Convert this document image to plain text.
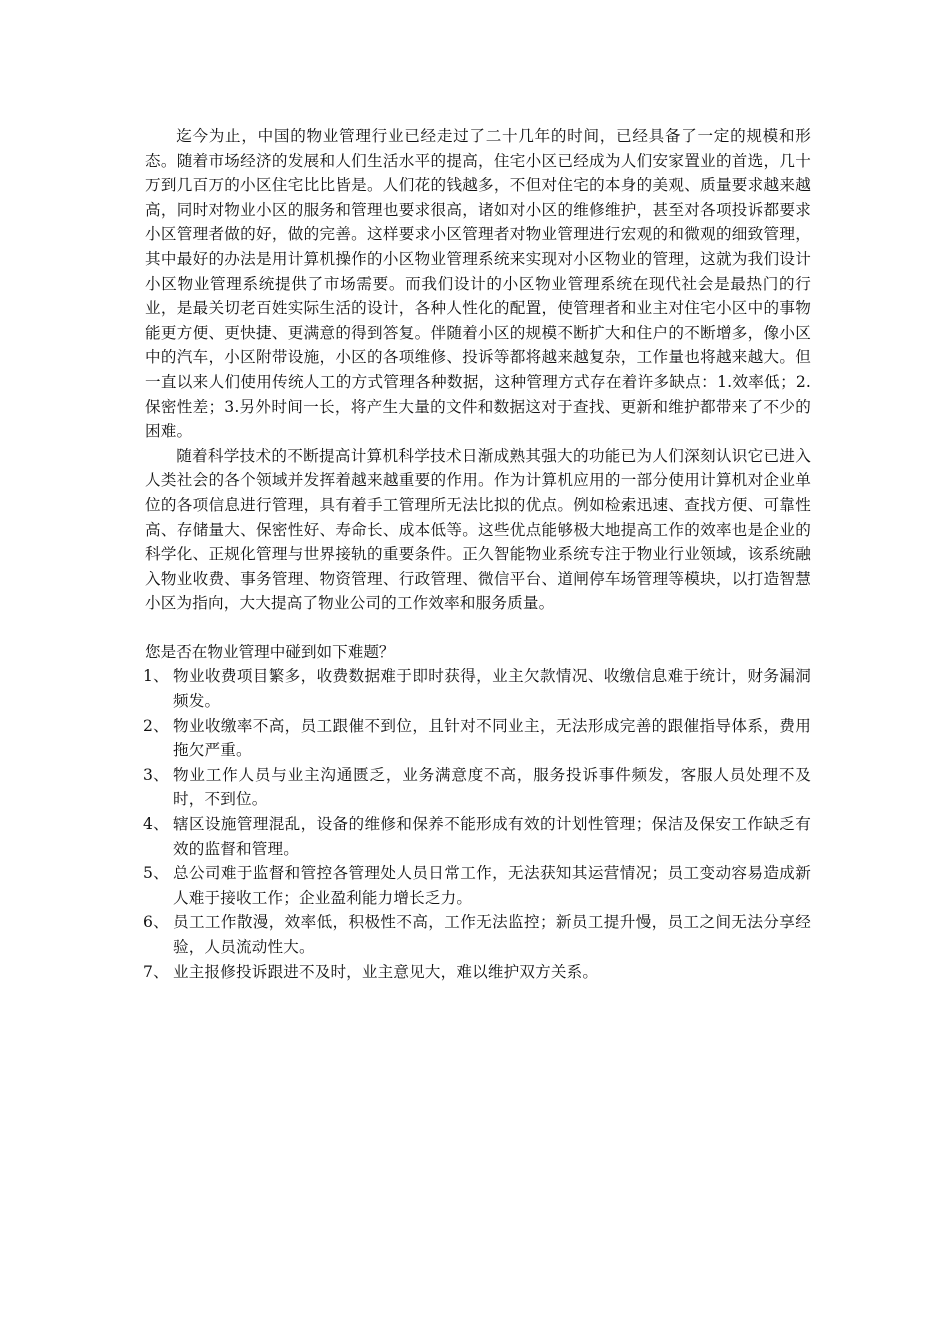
迄今为止，中国的物业管理行业已经走过了二十几年的时间，已经具备了一定的规模和形态。随着市场经济的发展和人们生活水平的提高，住宅小区已经成为人们安家置业的首选，几十万到几百万的小区住宅比比皆是。人们花的钱越多，不但对住宅的本身的美观、质量要求越来越高，同时对物业小区的服务和管理也要求很高，诸如对小区的维修维护，甚至对各项投诉都要求小区管理者做的好，做的完善。这样要求小区管理者对物业管理进行宏观的和微观的细致管理，其中最好的办法是用计算机操作的小区物业管理系统来实现对小区物业的管理，这就为我们设计小区物业管理系统提供了市场需要。而我们设计的小区物业管理系统在现代社会是最热门的行业，是最关切老百姓实际生活的设计，各种人性化的配置，使管理者和业主对住宅小区中的事物能更方便、更快捷、更满意的得到答复。伴随着小区的规模不断扩大和住户的不断增多，像小区中的汽车，小区附带设施，小区的各项维修、投诉等都将越来越复杂，工作量也将越来越大。但一直以来人们使用传统人工的方式管理各种数据，这种管理方式存在着许多缺点：1.效率低；2.保密性差；3.另外时间一长，将产生大量的文件和数据这对于查找、更新和维护都带来了不少的困难。

随着科学技术的不断提高计算机科学技术日渐成熟其强大的功能已为人们深刻认识它已进入人类社会的各个领域并发挥着越来越重要的作用。作为计算机应用的一部分使用计算机对企业单位的各项信息进行管理，具有着手工管理所无法比拟的优点。例如检索迅速、查找方便、可靠性高、存储量大、保密性好、寿命长、成本低等。这些优点能够极大地提高工作的效率也是企业的科学化、正规化管理与世界接轨的重要条件。正久智能物业系统专注于物业行业领域，该系统融入物业收费、事务管理、物资管理、行政管理、微信平台、道闸停车场管理等模块，以打造智慧小区为指向，大大提高了物业公司的工作效率和服务质量。

您是否在物业管理中碰到如下难题？

1、 物业收费项目繁多，收费数据难于即时获得，业主欠款情况、收缴信息难于统计，财务漏洞频发。
2、 物业收缴率不高，员工跟催不到位，且针对不同业主，无法形成完善的跟催指导体系，费用拖欠严重。
3、 物业工作人员与业主沟通匮乏，业务满意度不高，服务投诉事件频发，客服人员处理不及时，不到位。
4、 辖区设施管理混乱，设备的维修和保养不能形成有效的计划性管理；保洁及保安工作缺乏有效的监督和管理。
5、 总公司难于监督和管控各管理处人员日常工作，无法获知其运营情况；员工变动容易造成新人难于接收工作；企业盈利能力增长乏力。
6、 员工工作散漫，效率低，积极性不高，工作无法监控；新员工提升慢，员工之间无法分享经验，人员流动性大。
7、 业主报修投诉跟进不及时，业主意见大，难以维护双方关系。
